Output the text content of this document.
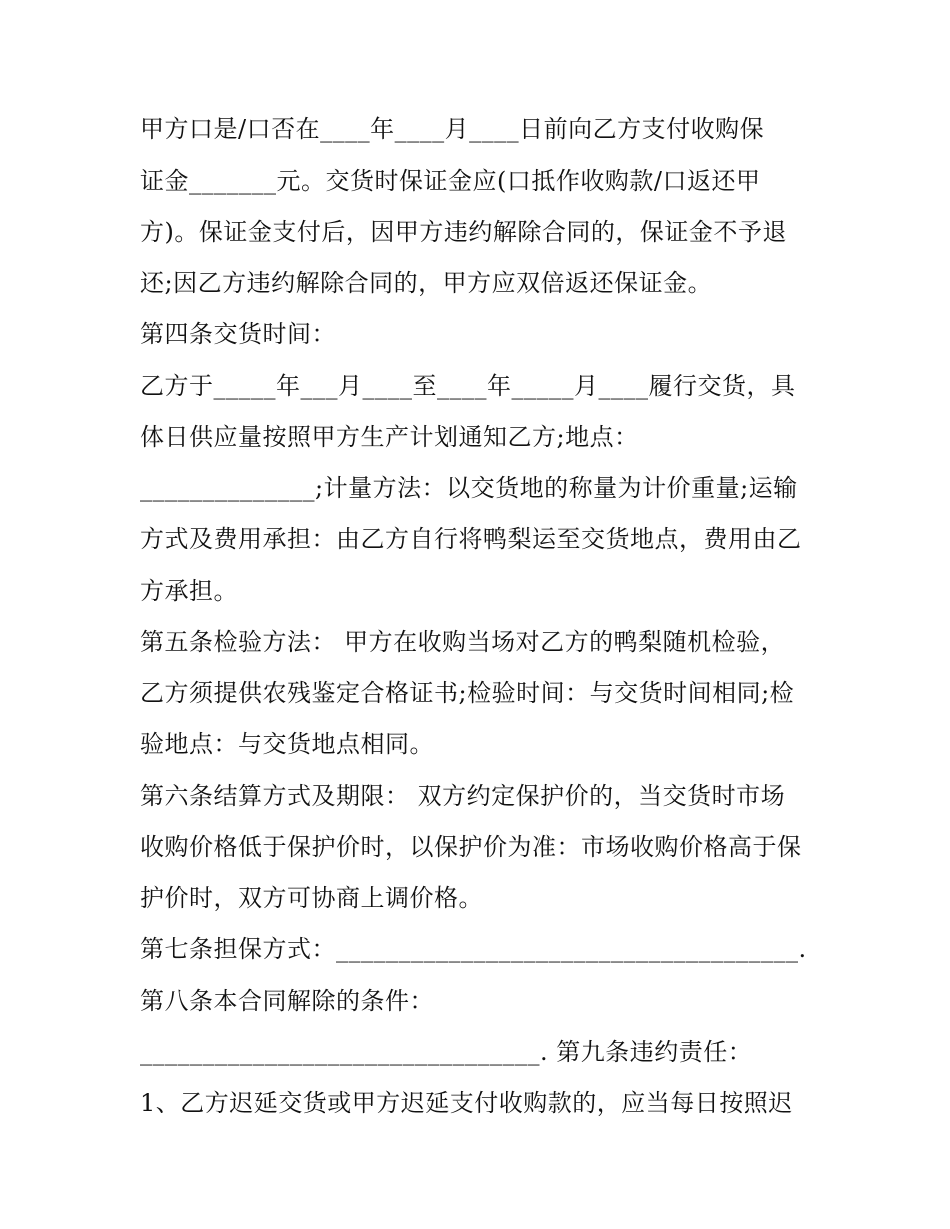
甲方口是/口否在____年____月____日前向乙方支付收购保
证金_______元。交货时保证金应(口抵作收购款/口返还甲
方)。保证金支付后，因甲方违约解除合同的，保证金不予退
还;因乙方违约解除合同的，甲方应双倍返还保证金。
第四条交货时间：
乙方于_____年___月____至____年_____月____履行交货，具
体日供应量按照甲方生产计划通知乙方;地点：
______________;计量方法：以交货地的称量为计价重量;运输
方式及费用承担：由乙方自行将鸭梨运至交货地点，费用由乙
方承担。
第五条检验方法： 甲方在收购当场对乙方的鸭梨随机检验，
乙方须提供农残鉴定合格证书;检验时间：与交货时间相同;检
验地点：与交货地点相同。
第六条结算方式及期限： 双方约定保护价的，当交货时市场
收购价格低于保护价时，以保护价为准：市场收购价格高于保
护价时，双方可协商上调价格。
第七条担保方式：_____________________________________.
第八条本合同解除的条件：
________________________________. 第九条违约责任：
1、乙方迟延交货或甲方迟延支付收购款的，应当每日按照迟
